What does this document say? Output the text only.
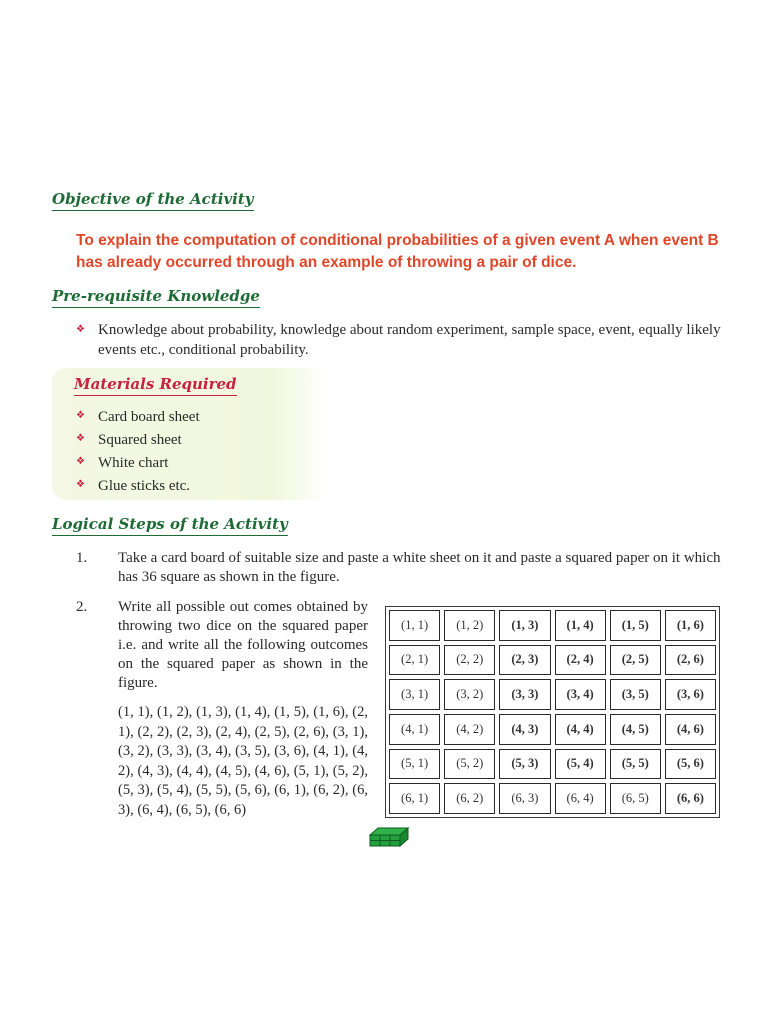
Objective of the Activity

To explain the computation of conditional probabilities of a given event A when event B has already occurred through an example of throwing a pair of dice.

Pre-requisite Knowledge
❖ Knowledge about probability, knowledge about random experiment, sample space, event, equally likely events etc., conditional probability.
Materials Required
❖ Card board sheet
❖ Squared sheet
❖ White chart
❖ Glue sticks etc.
Logical Steps of the Activity
1.	Take a card board of suitable size and paste a white sheet on it and paste a squared paper on it which has 36 square as shown in the figure.
2.	Write all possible out comes obtained by throwing two dice on the squared paper i.e. and write all the following outcomes on the squared paper as shown in the figure.

(1, 1), (1, 2), (1, 3), (1, 4), (1, 5), (1, 6), (2, 1), (2, 2), (2, 3), (2, 4), (2, 5), (2, 6), (3, 1), (3, 2), (3, 3), (3, 4), (3, 5), (3, 6), (4, 1), (4, 2), (4, 3), (4, 4), (4, 5), (4, 6), (5, 1), (5, 2), (5, 3), (5, 4), (5, 5), (5, 6), (6, 1), (6, 2), (6, 3), (6, 4), (6, 5), (6, 6)

(1, 1)	(1, 2)	(1, 3)	(1, 4)	(1, 5)	(1, 6)
(2, 1)	(2, 2)	(2, 3)	(2, 4)	(2, 5)	(2, 6)
(3, 1)	(3, 2)	(3, 3)	(3, 4)	(3, 5)	(3, 6)
(4, 1)	(4, 2)	(4, 3)	(4, 4)	(4, 5)	(4, 6)
(5, 1)	(5, 2)	(5, 3)	(5, 4)	(5, 5)	(5, 6)
(6, 1)	(6, 2)	(6, 3)	(6, 4)	(6, 5)	(6, 6)
